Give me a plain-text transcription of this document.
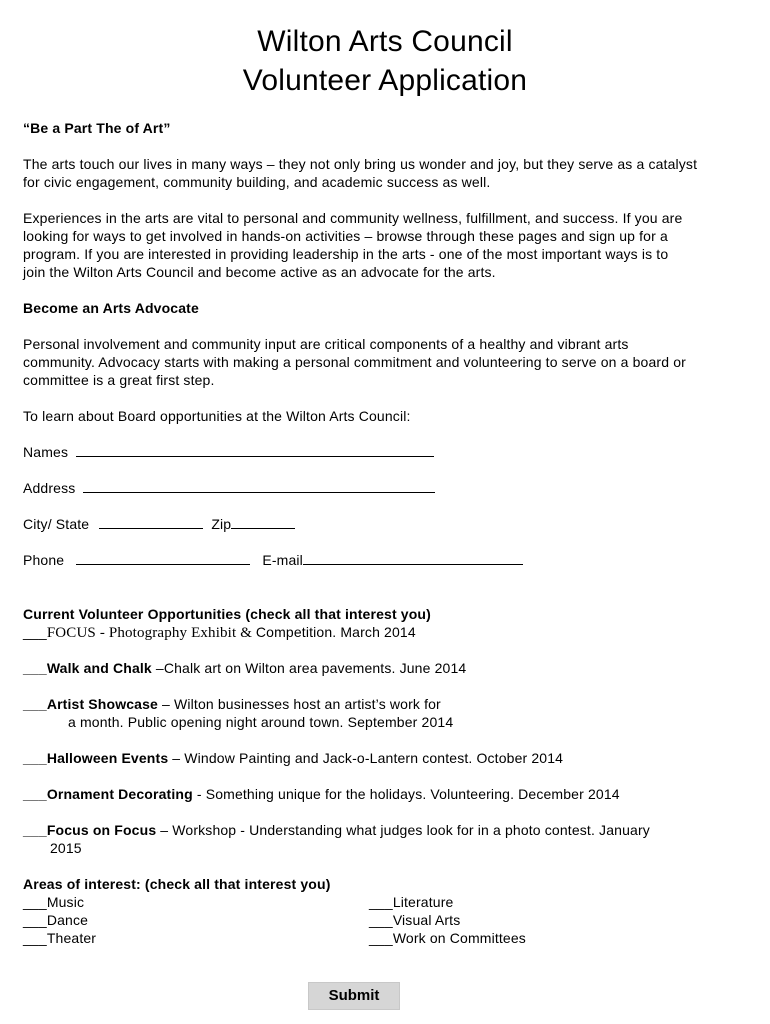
Wilton Arts Council
Volunteer Application
“Be a Part The of Art”
The arts touch our lives in many ways – they not only bring us wonder and joy, but they serve as a catalyst
for civic engagement, community building, and academic success as well.
Experiences in the arts are vital to personal and community wellness, fulfillment, and success. If you are
looking for ways to get involved in hands-on activities – browse through these pages and sign up for a
program. If you are interested in providing leadership in the arts - one of the most important ways is to
join the Wilton Arts Council and become active as an advocate for the arts.
Become an Arts Advocate
Personal involvement and community input are critical components of a healthy and vibrant arts
community. Advocacy starts with making a personal commitment and volunteering to serve on a board or
committee is a great first step.
To learn about Board opportunities at the Wilton Arts Council:
Names
Address
City/ State	Zip
Phone	E-mail
Current Volunteer Opportunities (check all that interest you)
___FOCUS - Photography Exhibit & Competition. March 2014
___Walk and Chalk –Chalk art on Wilton area pavements. June 2014
___Artist Showcase – Wilton businesses host an artist’s work for
a month. Public opening night around town. September 2014
___Halloween Events – Window Painting and Jack-o-Lantern contest. October 2014
___Ornament Decorating - Something unique for the holidays. Volunteering. December 2014
___Focus on Focus – Workshop - Understanding what judges look for in a photo contest. January
2015
Areas of interest: (check all that interest you)
___Music
___Dance
___Theater
___Literature
___Visual Arts
___Work on Committees
Submit
